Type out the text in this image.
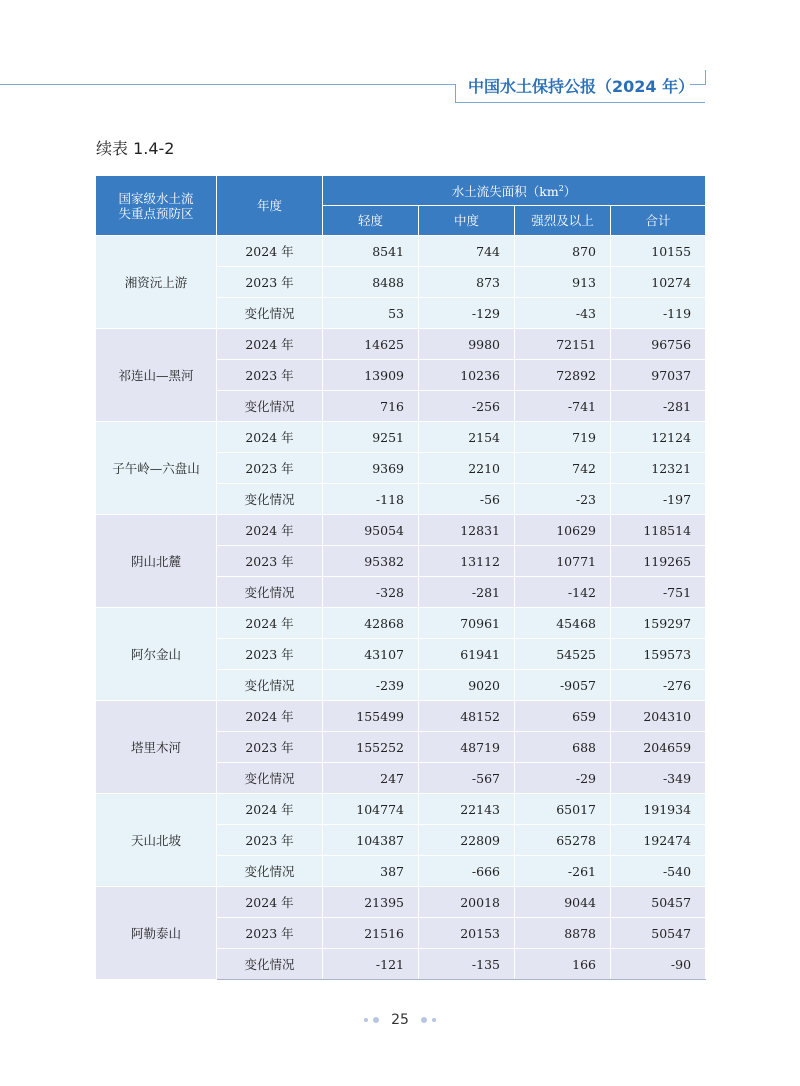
中国水土保持公报（2024 年）
续表 1.4-2
国家级水土流失重点预防区	年度	水土流失面积$(km^2)$			
		轻度	中度	强烈及以上	合计
湘资沅上游	2024 年	8541	744	870	10155
	2023 年	8488	873	913	10274
	变化情况	53	-129	-43	-119
祁连山—黑河	2024 年	14625	9980	72151	96756
	2023 年	13909	10236	72892	97037
	变化情况	716	-256	-741	-281
子午岭—六盘山	2024 年	9251	2154	719	12124
	2023 年	9369	2210	742	12321
	变化情况	-118	-56	-23	-197
阴山北麓	2024 年	95054	12831	10629	118514
	2023 年	95382	13112	10771	119265
	变化情况	-328	-281	-142	-751
阿尔金山	2024 年	42868	70961	45468	159297
	2023 年	43107	61941	54525	159573
	变化情况	-239	9020	-9057	-276
塔里木河	2024 年	155499	48152	659	204310
	2023 年	155252	48719	688	204659
	变化情况	247	-567	-29	-349
天山北坡	2024 年	104774	22143	65017	191934
	2023 年	104387	22809	65278	192474
	变化情况	387	-666	-261	-540
阿勒泰山	2024 年	21395	20018	9044	50457
	2023 年	21516	20153	8878	50547
	变化情况	-121	-135	166	-90
25
